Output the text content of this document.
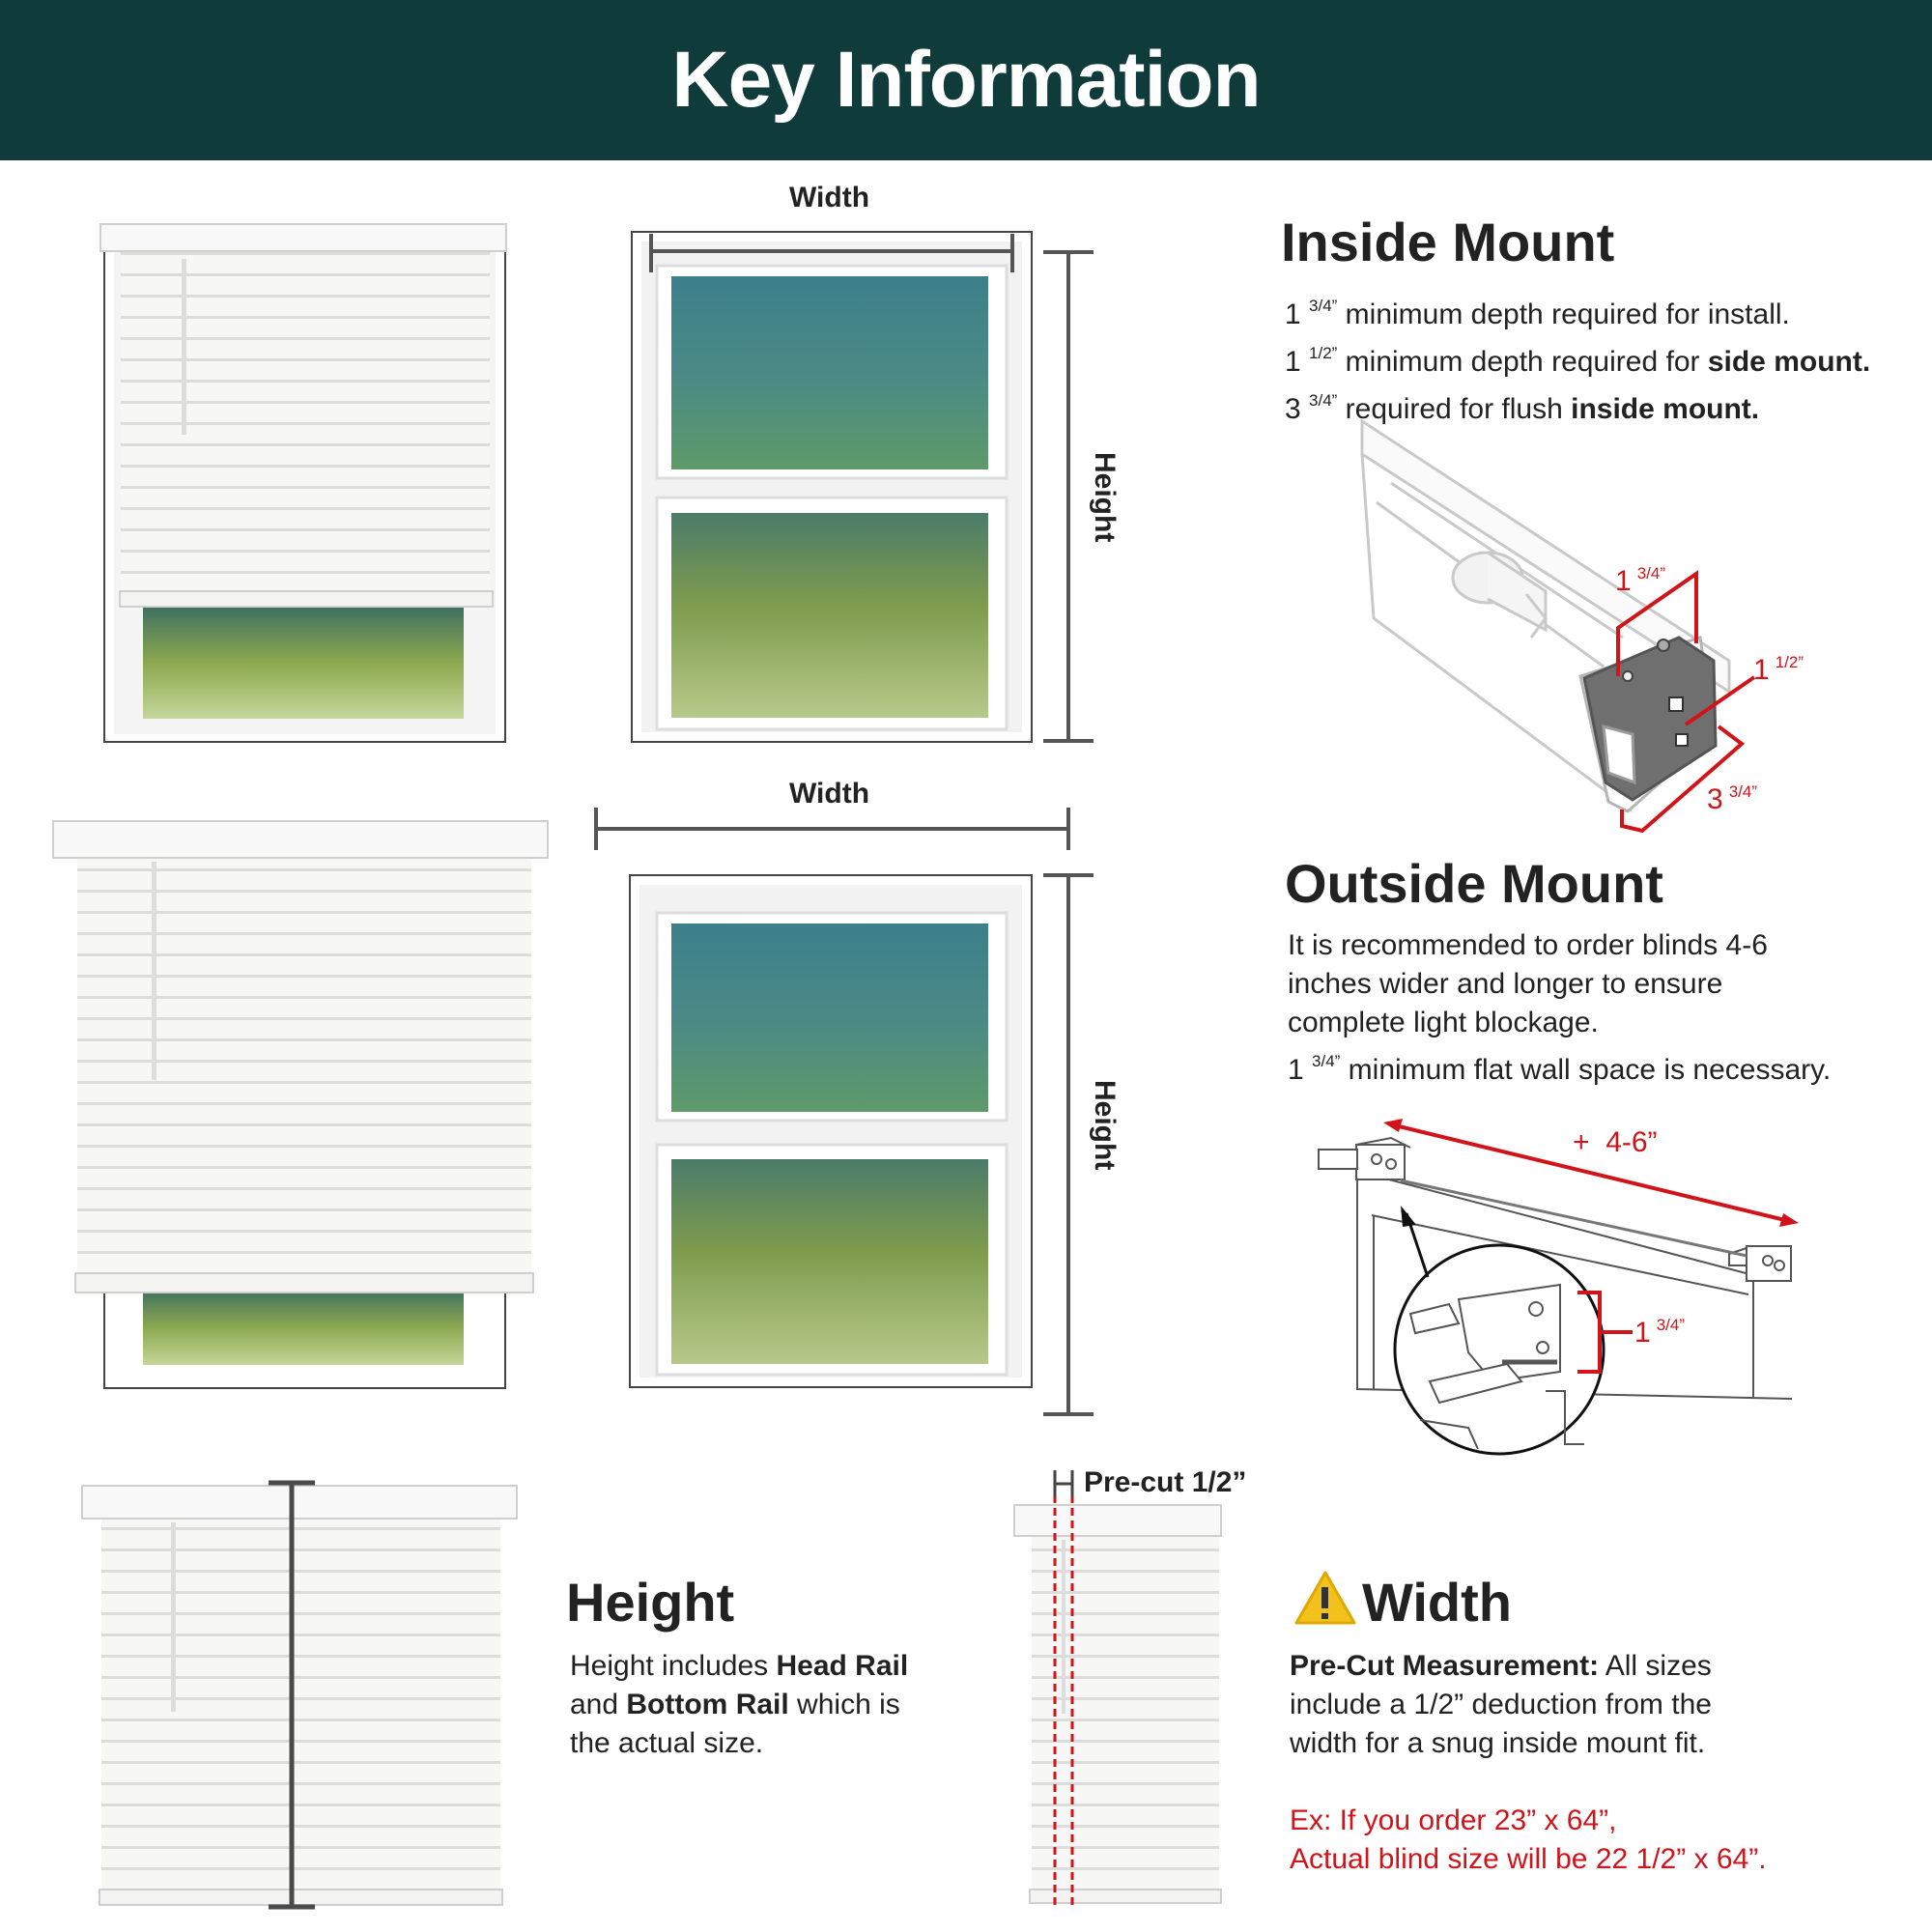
Key Information
Width
Height
Width
Height
Pre-cut 1/2”
1 $^{3/4”}$
1 $^{1/2”}$
3 $^{3/4”}$
+  4-6”
1 $^{3/4”}$
Inside Mount
1 $^{3/4”}$ minimum depth required for install.
1 $^{1/2”}$ minimum depth required for side mount.
3 $^{3/4”}$ required for flush inside mount.
Outside Mount
It is recommended to order blinds 4-6
inches wider and longer to ensure
complete light blockage.
1 $^{3/4”}$ minimum flat wall space is necessary.
Height
Height includes Head Rail
and Bottom Rail which is
the actual size.
Width
Pre-Cut Measurement: All sizes
include a 1/2” deduction from the
width for a snug inside mount fit.
Ex: If you order 23” x 64”,
Actual blind size will be 22 1/2” x 64”.
